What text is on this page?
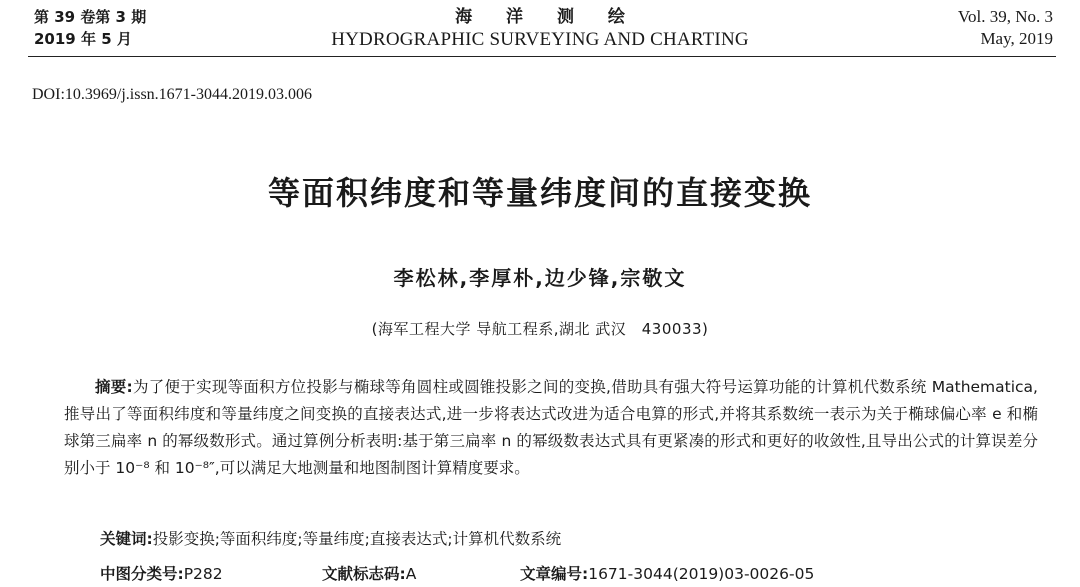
第 39 卷第 3 期
2019 年 5 月
海 洋 测 绘
HYDROGRAPHIC SURVEYING AND CHARTING
Vol. 39, No. 3
May, 2019
DOI:10.3969/j.issn.1671-3044.2019.03.006
等面积纬度和等量纬度间的直接变换
李松林,李厚朴,边少锋,宗敬文
(海军工程大学 导航工程系,湖北 武汉　430033)
摘要:为了便于实现等面积方位投影与椭球等角圆柱或圆锥投影之间的变换,借助具有强大符号运算功能的计算机代数系统 Mathematica,推导出了等面积纬度和等量纬度之间变换的直接表达式,进一步将表达式改进为适合电算的形式,并将其系数统一表示为关于椭球偏心率 e 和椭球第三扁率 n 的幂级数形式。通过算例分析表明:基于第三扁率 n 的幂级数表达式具有更紧凑的形式和更好的收敛性,且导出公式的计算误差分别小于 10⁻⁸ 和 10⁻⁸″,可以满足大地测量和地图制图计算精度要求。
关键词:投影变换;等面积纬度;等量纬度;直接表达式;计算机代数系统
中图分类号:P282	文献标志码:A	文章编号:1671-3044(2019)03-0026-05
